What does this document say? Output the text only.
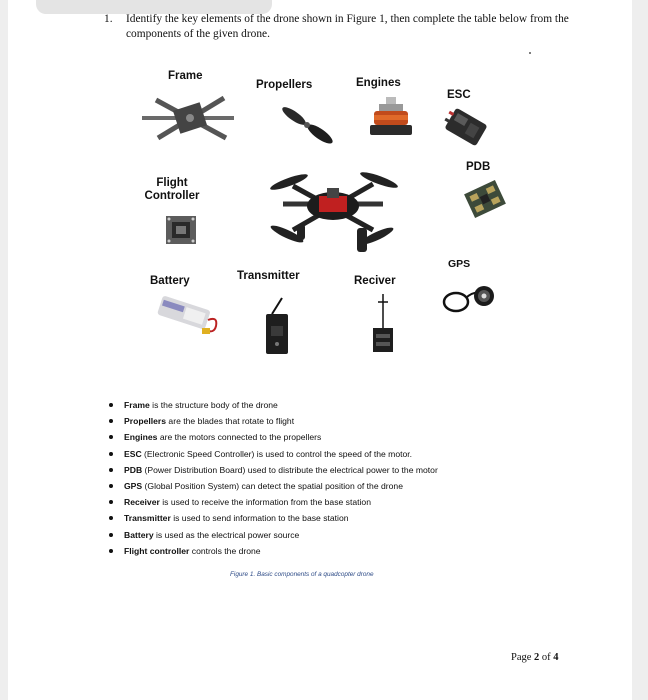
1. Identify the key elements of the drone shown in Figure 1, then complete the table below from the components of the given drone.
Frame
Propellers	Engines
ESC
PDB
Flight
Controller
GPS
Battery	Transmitter	Reciver
Frame is the structure body of the drone
Propellers are the blades that rotate to flight
Engines are the motors connected to the propellers
ESC (Electronic Speed Controller) is used to control the speed of the motor.
PDB (Power Distribution Board) used to distribute the electrical power to the motor
GPS (Global Position System) can detect the spatial position of the drone
Receiver is used to receive the information from the base station
Transmitter is used to send information to the base station
Battery is used as the electrical power source
Flight controller controls the drone
Figure 1. Basic components of a quadcopter drone
Page 2 of 4
